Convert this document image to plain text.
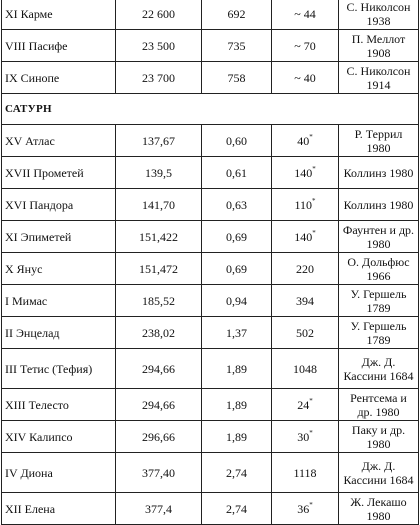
XI Карме	22 600	692	~ 44	С. Николсон 1938
VIII Пасифе	23 500	735	~ 70	П. Меллот 1908
IX Синопе	23 700	758	~ 40	С. Николсон 1914
САТУРН				
XV Атлас	137,67	0,60	40*	Р. Террил 1980
XVII Прометей	139,5	0,61	140*	Коллинз 1980
XVI Пандора	141,70	0,63	110*	Коллинз 1980
XI Эпиметей	151,422	0,69	140*	Фаунтен и др. 1980
X Янус	151,472	0,69	220	О. Дольфюс 1966
I Мимас	185,52	0,94	394	У. Гершель 1789
II Энцелад	238,02	1,37	502	У. Гершель 1789
III Тетис (Тефия)	294,66	1,89	1048	Дж. Д. Кассини 1684
XIII Телесто	294,66	1,89	24*	Рентсема и др. 1980
XIV Калипсо	296,66	1,89	30*	Паку и др. 1980
IV Диона	377,40	2,74	1118	Дж. Д. Кассини 1684
XII Елена	377,4	2,74	36*	Ж. Лекашо 1980
